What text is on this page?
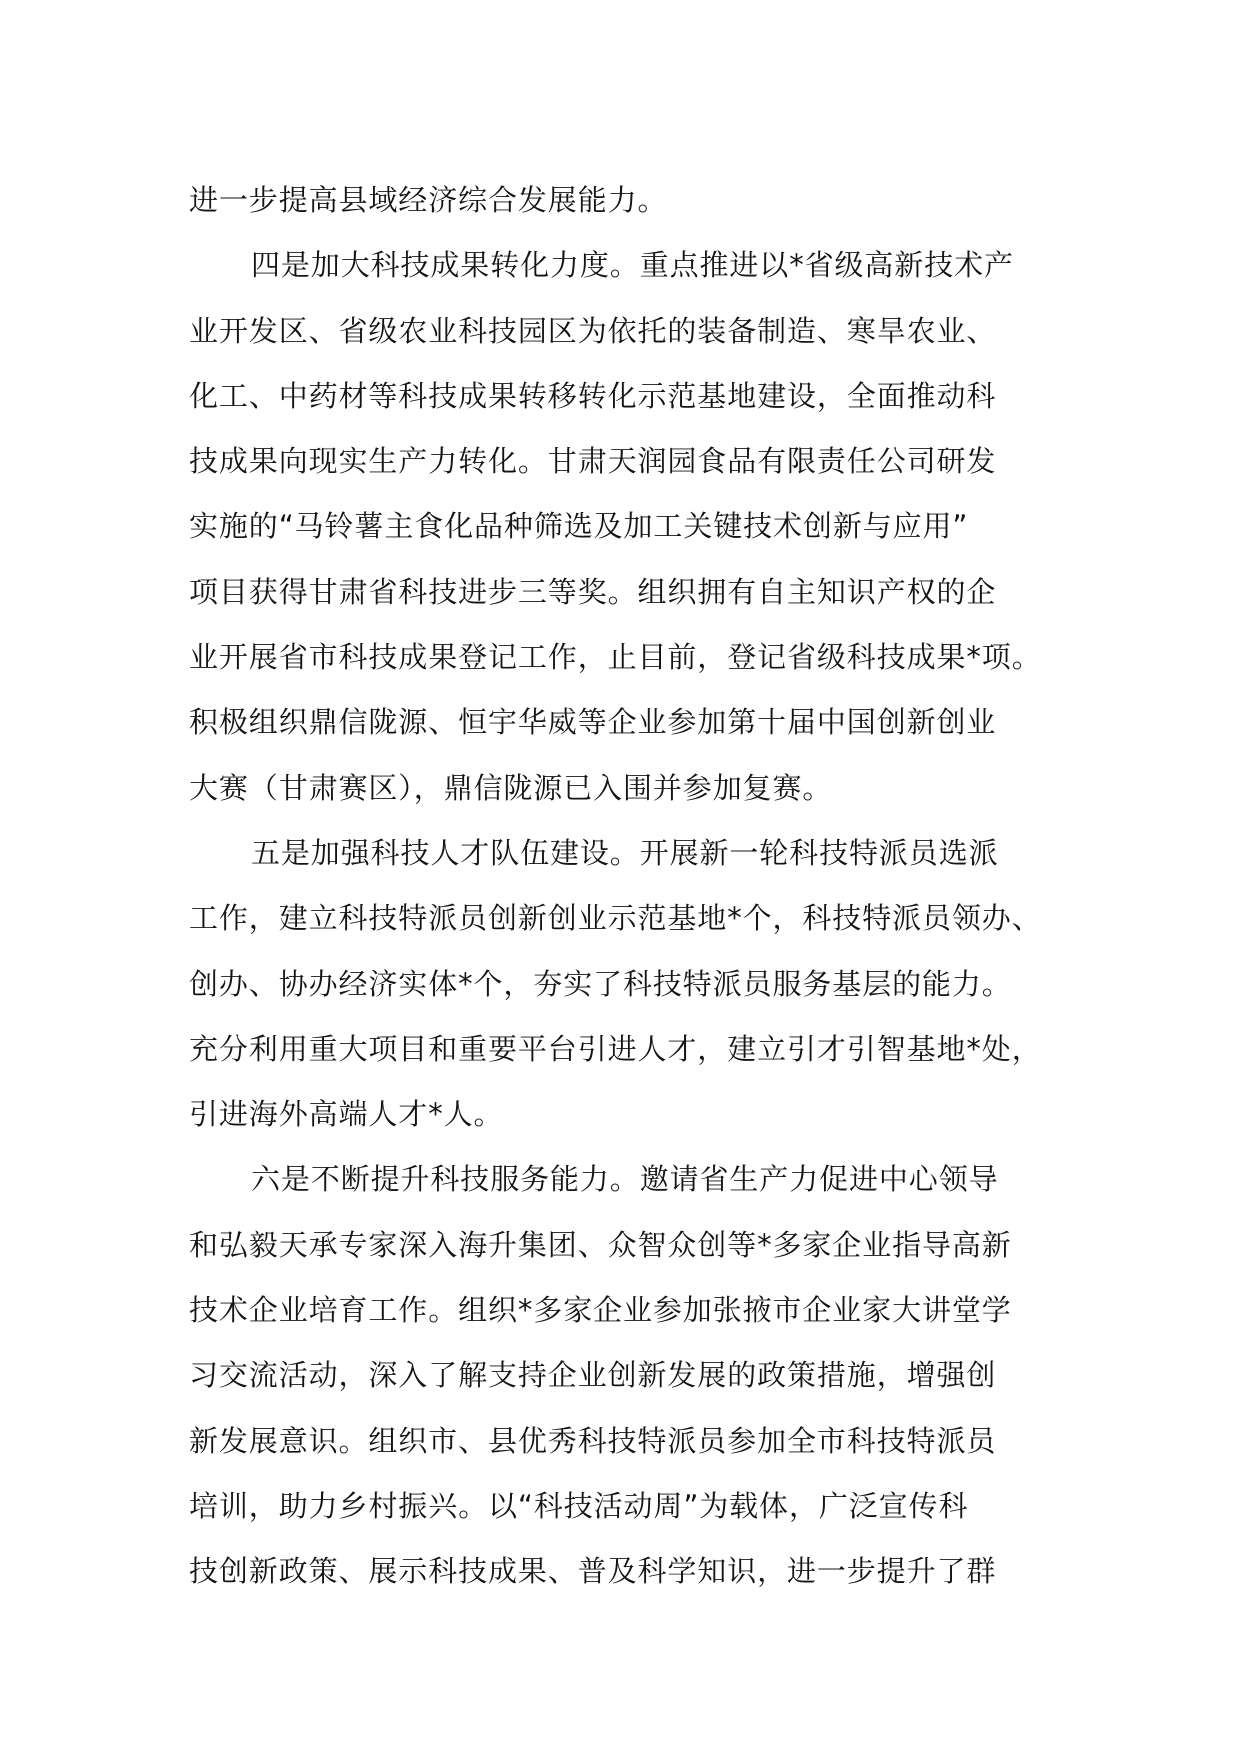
进一步提高县域经济综合发展能力。
四是加大科技成果转化力度。重点推进以*省级高新技术产
业开发区、省级农业科技园区为依托的装备制造、寒旱农业、
化工、中药材等科技成果转移转化示范基地建设，全面推动科
技成果向现实生产力转化。甘肃天润园食品有限责任公司研发
实施的“马铃薯主食化品种筛选及加工关键技术创新与应用”
项目获得甘肃省科技进步三等奖。组织拥有自主知识产权的企
业开展省市科技成果登记工作，止目前，登记省级科技成果*项。
积极组织鼎信陇源、恒宇华威等企业参加第十届中国创新创业
大赛（甘肃赛区），鼎信陇源已入围并参加复赛。
五是加强科技人才队伍建设。开展新一轮科技特派员选派
工作，建立科技特派员创新创业示范基地*个，科技特派员领办、
创办、协办经济实体*个，夯实了科技特派员服务基层的能力。
充分利用重大项目和重要平台引进人才，建立引才引智基地*处，
引进海外高端人才*人。
六是不断提升科技服务能力。邀请省生产力促进中心领导
和弘毅天承专家深入海升集团、众智众创等*多家企业指导高新
技术企业培育工作。组织*多家企业参加张掖市企业家大讲堂学
习交流活动，深入了解支持企业创新发展的政策措施，增强创
新发展意识。组织市、县优秀科技特派员参加全市科技特派员
培训，助力乡村振兴。以“科技活动周”为载体，广泛宣传科
技创新政策、展示科技成果、普及科学知识，进一步提升了群
